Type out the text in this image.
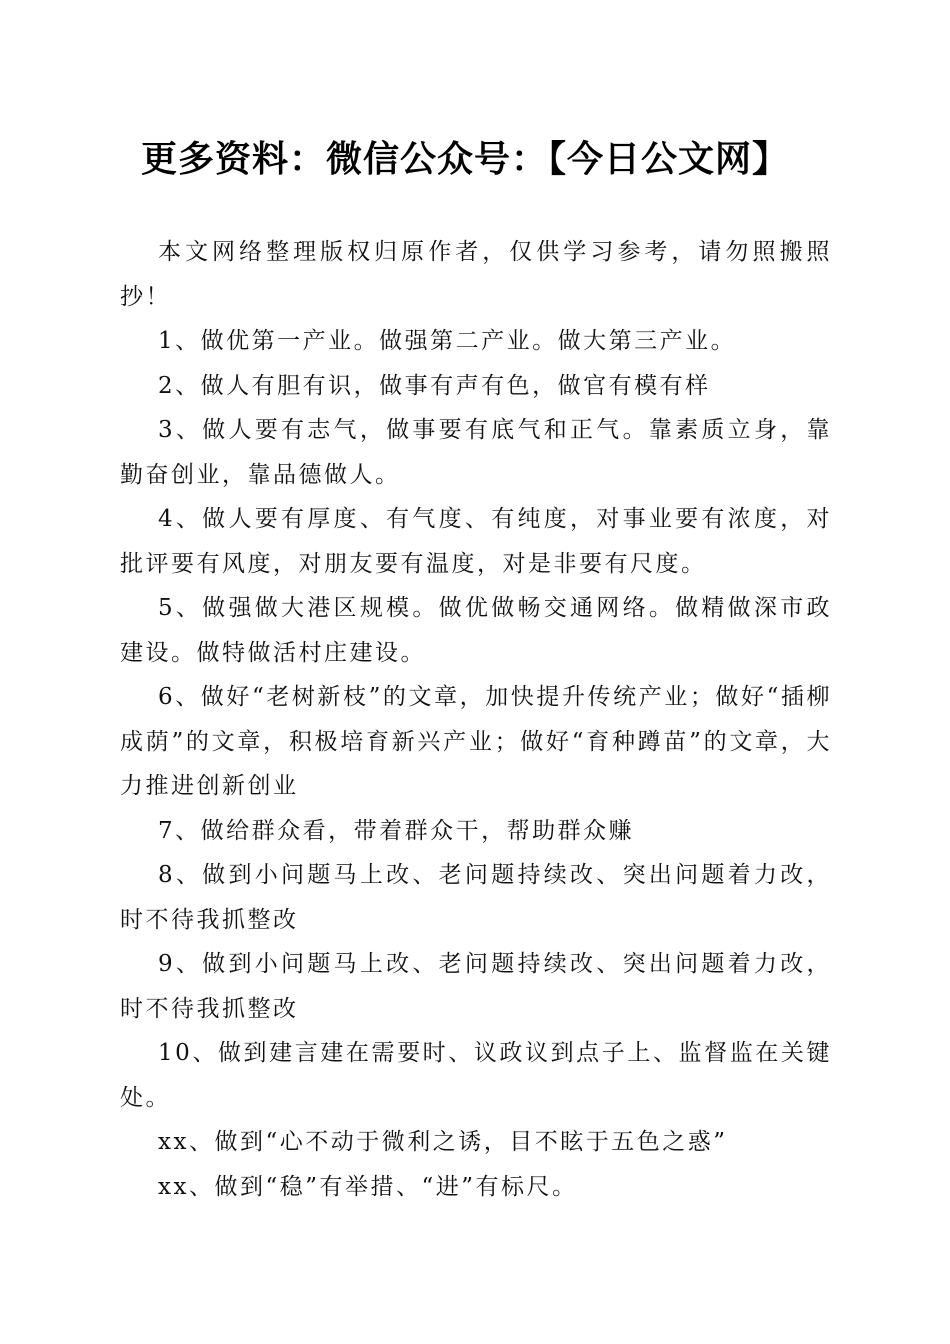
更多资料：微信公众号：【今日公文网】

本文网络整理版权归原作者，仅供学习参考，请勿照搬照抄！

1、做优第一产业。做强第二产业。做大第三产业。

2、做人有胆有识，做事有声有色，做官有模有样

3、做人要有志气，做事要有底气和正气。靠素质立身，靠勤奋创业，靠品德做人。

4、做人要有厚度、有气度、有纯度，对事业要有浓度，对批评要有风度，对朋友要有温度，对是非要有尺度。

5、做强做大港区规模。做优做畅交通网络。做精做深市政建设。做特做活村庄建设。

6、做好“老树新枝”的文章，加快提升传统产业；做好“插柳成荫”的文章，积极培育新兴产业；做好“育种蹲苗”的文章，大力推进创新创业

7、做给群众看，带着群众干，帮助群众赚

8、做到小问题马上改、老问题持续改、突出问题着力改，时不待我抓整改

9、做到小问题马上改、老问题持续改、突出问题着力改，时不待我抓整改

10、做到建言建在需要时、议政议到点子上、监督监在关键处。

xx、做到“心不动于微利之诱，目不眩于五色之惑”

xx、做到“稳”有举措、“进”有标尺。
